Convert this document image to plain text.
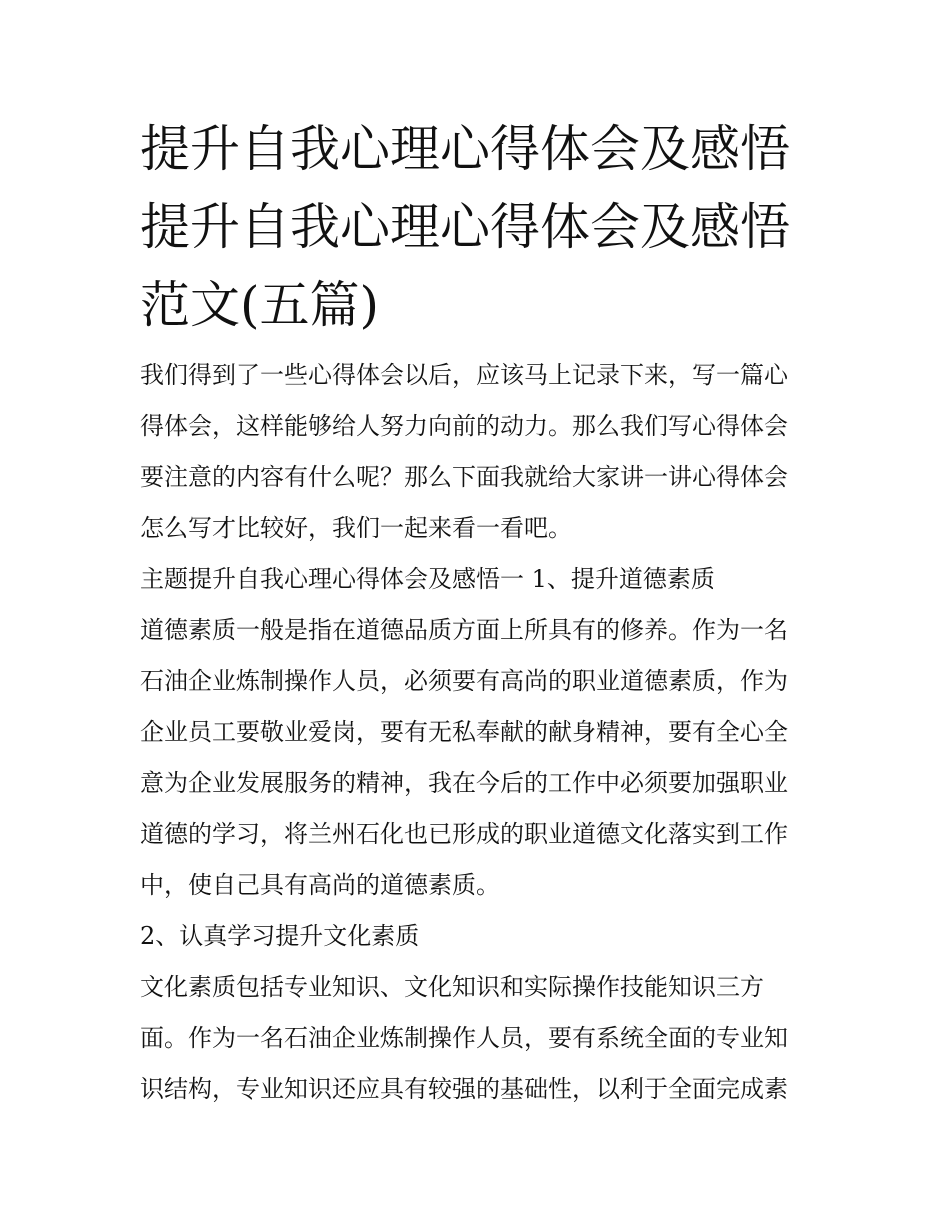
提升自我心理心得体会及感悟
提升自我心理心得体会及感悟
范文(五篇)

我们得到了一些心得体会以后，应该马上记录下来，写一篇心
得体会，这样能够给人努力向前的动力。那么我们写心得体会
要注意的内容有什么呢？那么下面我就给大家讲一讲心得体会
怎么写才比较好，我们一起来看一看吧。

主题提升自我心理心得体会及感悟一 1、提升道德素质

道德素质一般是指在道德品质方面上所具有的修养。作为一名
石油企业炼制操作人员，必须要有高尚的职业道德素质，作为
企业员工要敬业爱岗，要有无私奉献的献身精神，要有全心全
意为企业发展服务的精神，我在今后的工作中必须要加强职业
道德的学习，将兰州石化也已形成的职业道德文化落实到工作
中，使自己具有高尚的道德素质。

2、认真学习提升文化素质

文化素质包括专业知识、文化知识和实际操作技能知识三方
面。作为一名石油企业炼制操作人员，要有系统全面的专业知
识结构，专业知识还应具有较强的基础性，以利于全面完成素
